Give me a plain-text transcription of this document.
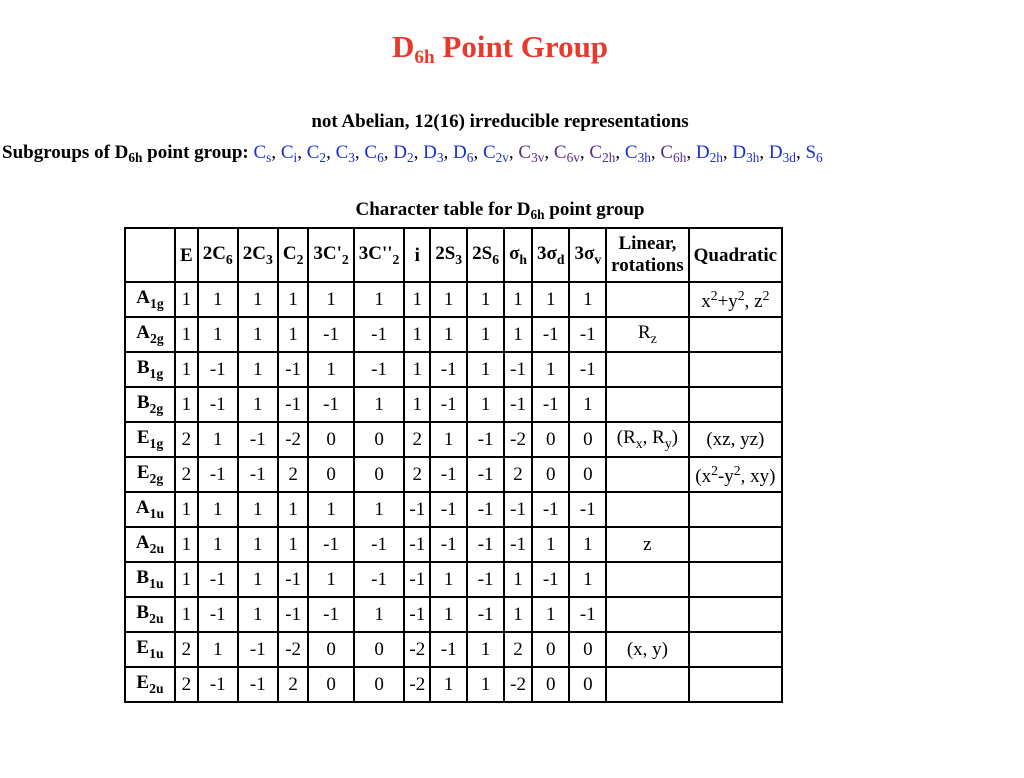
$D_{6h}$ Point Group
not Abelian, 12(16) irreducible representations
Subgroups of $D_{6h}$ point group: $C_s$, $C_i$, $C_2$, $C_3$, $C_6$, $D_2$, $D_3$, $D_6$, $C_{2v}$, $C_{3v}$, $C_{6v}$, $C_{2h}$, $C_{3h}$, $C_{6h}$, $D_{2h}$, $D_{3h}$, $D_{3d}$, $S_6$
Character table for $D_{6h}$ point group
	E	$2C_6$	$2C_3$	$C_2$	$3C'_2$	$3C''_2$	i	$2S_3$	$2S_6$	$\sigma_h$	$3\sigma_d$	$3\sigma_v$	Linear,
rotations	Quadratic
$A_{1g}$	1	1	1	1	1	1	1	1	1	1	1	1		$x^2+y^2$, $z^2$
$A_{2g}$	1	1	1	1	-1	-1	1	1	1	1	-1	-1	$R_z$	
$B_{1g}$	1	-1	1	-1	1	-1	1	-1	1	-1	1	-1		
$B_{2g}$	1	-1	1	-1	-1	1	1	-1	1	-1	-1	1		
$E_{1g}$	2	1	-1	-2	0	0	2	1	-1	-2	0	0	($R_x$, $R_y$)	(xz, yz)
$E_{2g}$	2	-1	-1	2	0	0	2	-1	-1	2	0	0		($x^2-y^2$, xy)
$A_{1u}$	1	1	1	1	1	1	-1	-1	-1	-1	-1	-1		
$A_{2u}$	1	1	1	1	-1	-1	-1	-1	-1	-1	1	1	z	
$B_{1u}$	1	-1	1	-1	1	-1	-1	1	-1	1	-1	1		
$B_{2u}$	1	-1	1	-1	-1	1	-1	1	-1	1	1	-1		
$E_{1u}$	2	1	-1	-2	0	0	-2	-1	1	2	0	0	(x, y)	
$E_{2u}$	2	-1	-1	2	0	0	-2	1	1	-2	0	0		
